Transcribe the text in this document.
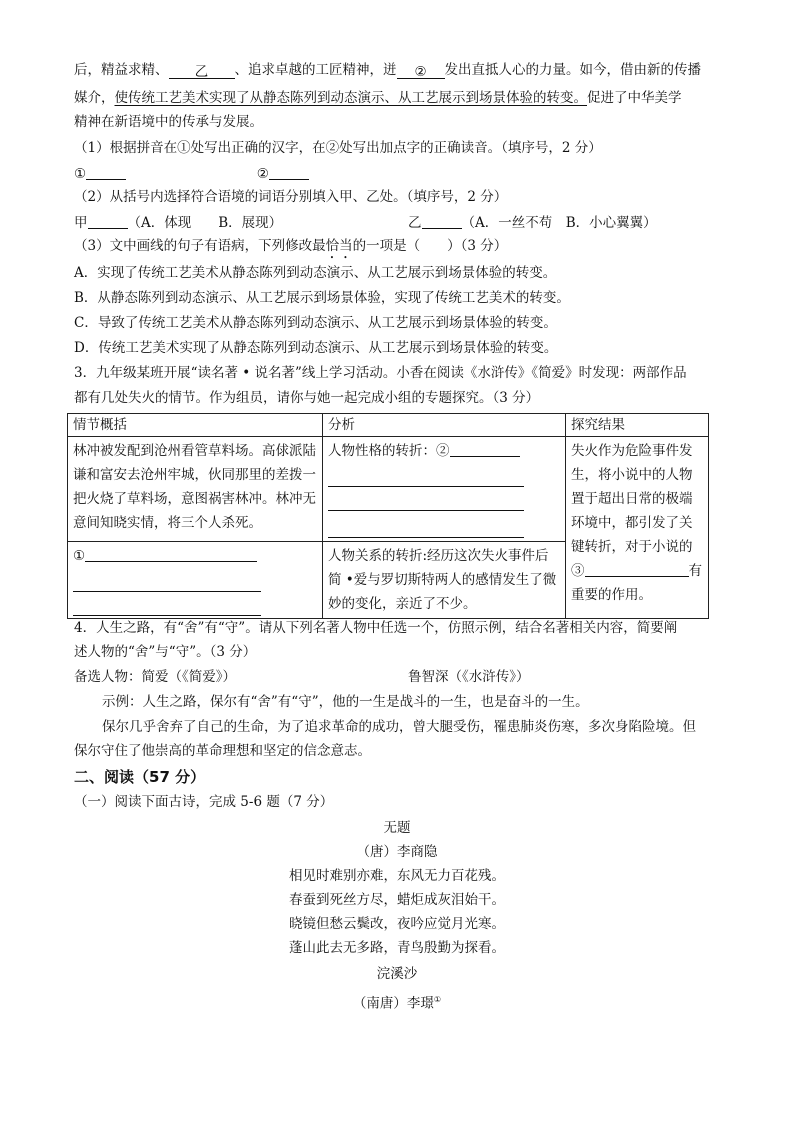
后，精益求精、 乙 、追求卓越的工匠精神，迸 ② 发出直抵人心的力量。如今，借由新的传播
媒介，使传统工艺美术实现了从静态陈列到动态演示、从工艺展示到场景体验的转变。促进了中华美学
精神在新语境中的传承与发展。
（1）根据拼音在①处写出正确的汉字，在②处写出加点字的正确读音。（填序号，2 分）
①	②
（2）从括号内选择符合语境的词语分别填入甲、乙处。（填序号，2 分）
甲	（A．体现　　B．展现）	乙	（A．一丝不苟　B．小心翼翼）
（3）文中画线的句子有语病，下列修改最恰当的一项是（　　）（3 分）
A．实现了传统工艺美术从静态陈列到动态演示、从工艺展示到场景体验的转变。
B．从静态陈列到动态演示、从工艺展示到场景体验，实现了传统工艺美术的转变。
C．导致了传统工艺美术从静态陈列到动态演示、从工艺展示到场景体验的转变。
D．传统工艺美术实现了从静态陈列到动态演示、从工艺展示到场景体验的转变。
3．九年级某班开展“读名著 • 说名著”线上学习活动。小香在阅读《水浒传》《简爱》时发现：两部作品
都有几处失火的情节。作为组员，请你与她一起完成小组的专题探究。（3 分）
情节概括	分析	探究结果
林冲被发配到沧州看管草料场。高俅派陆谦和富安去沧州牢城，伙同那里的差拨一把火烧了草料场，意图祸害林冲。林冲无意间知晓实情，将三个人杀死。	人物性格的转折：②	失火作为危险事件发生，将小说中的人物置于超出日常的极端环境中，都引发了关键转折，对于小说的③ 有重要的作用。
①	人物关系的转折:经历这次失火事件后简 •爱与罗切斯特两人的感情发生了微妙的变化，亲近了不少。	
4．人生之路，有“舍”有“守”。请从下列名著人物中任选一个，仿照示例，结合名著相关内容，简要阐
述人物的“舍”与“守”。（3 分）
备选人物：简爱（《简爱》）	鲁智深（《水浒传》）
示例：人生之路，保尔有“舍”有“守”，他的一生是战斗的一生，也是奋斗的一生。
保尔几乎舍弃了自己的生命，为了追求革命的成功，曾大腿受伤，罹患肺炎伤寒，多次身陷险境。但
保尔守住了他崇高的革命理想和坚定的信念意志。
二、阅读（57 分）
（一）阅读下面古诗，完成 5-6 题（7 分）
无题
（唐）李商隐
相见时难别亦难，东风无力百花残。
春蚕到死丝方尽，蜡炬成灰泪始干。
晓镜但愁云鬓改，夜吟应觉月光寒。
蓬山此去无多路，青鸟殷勤为探看。
浣溪沙
（南唐）李璟①
